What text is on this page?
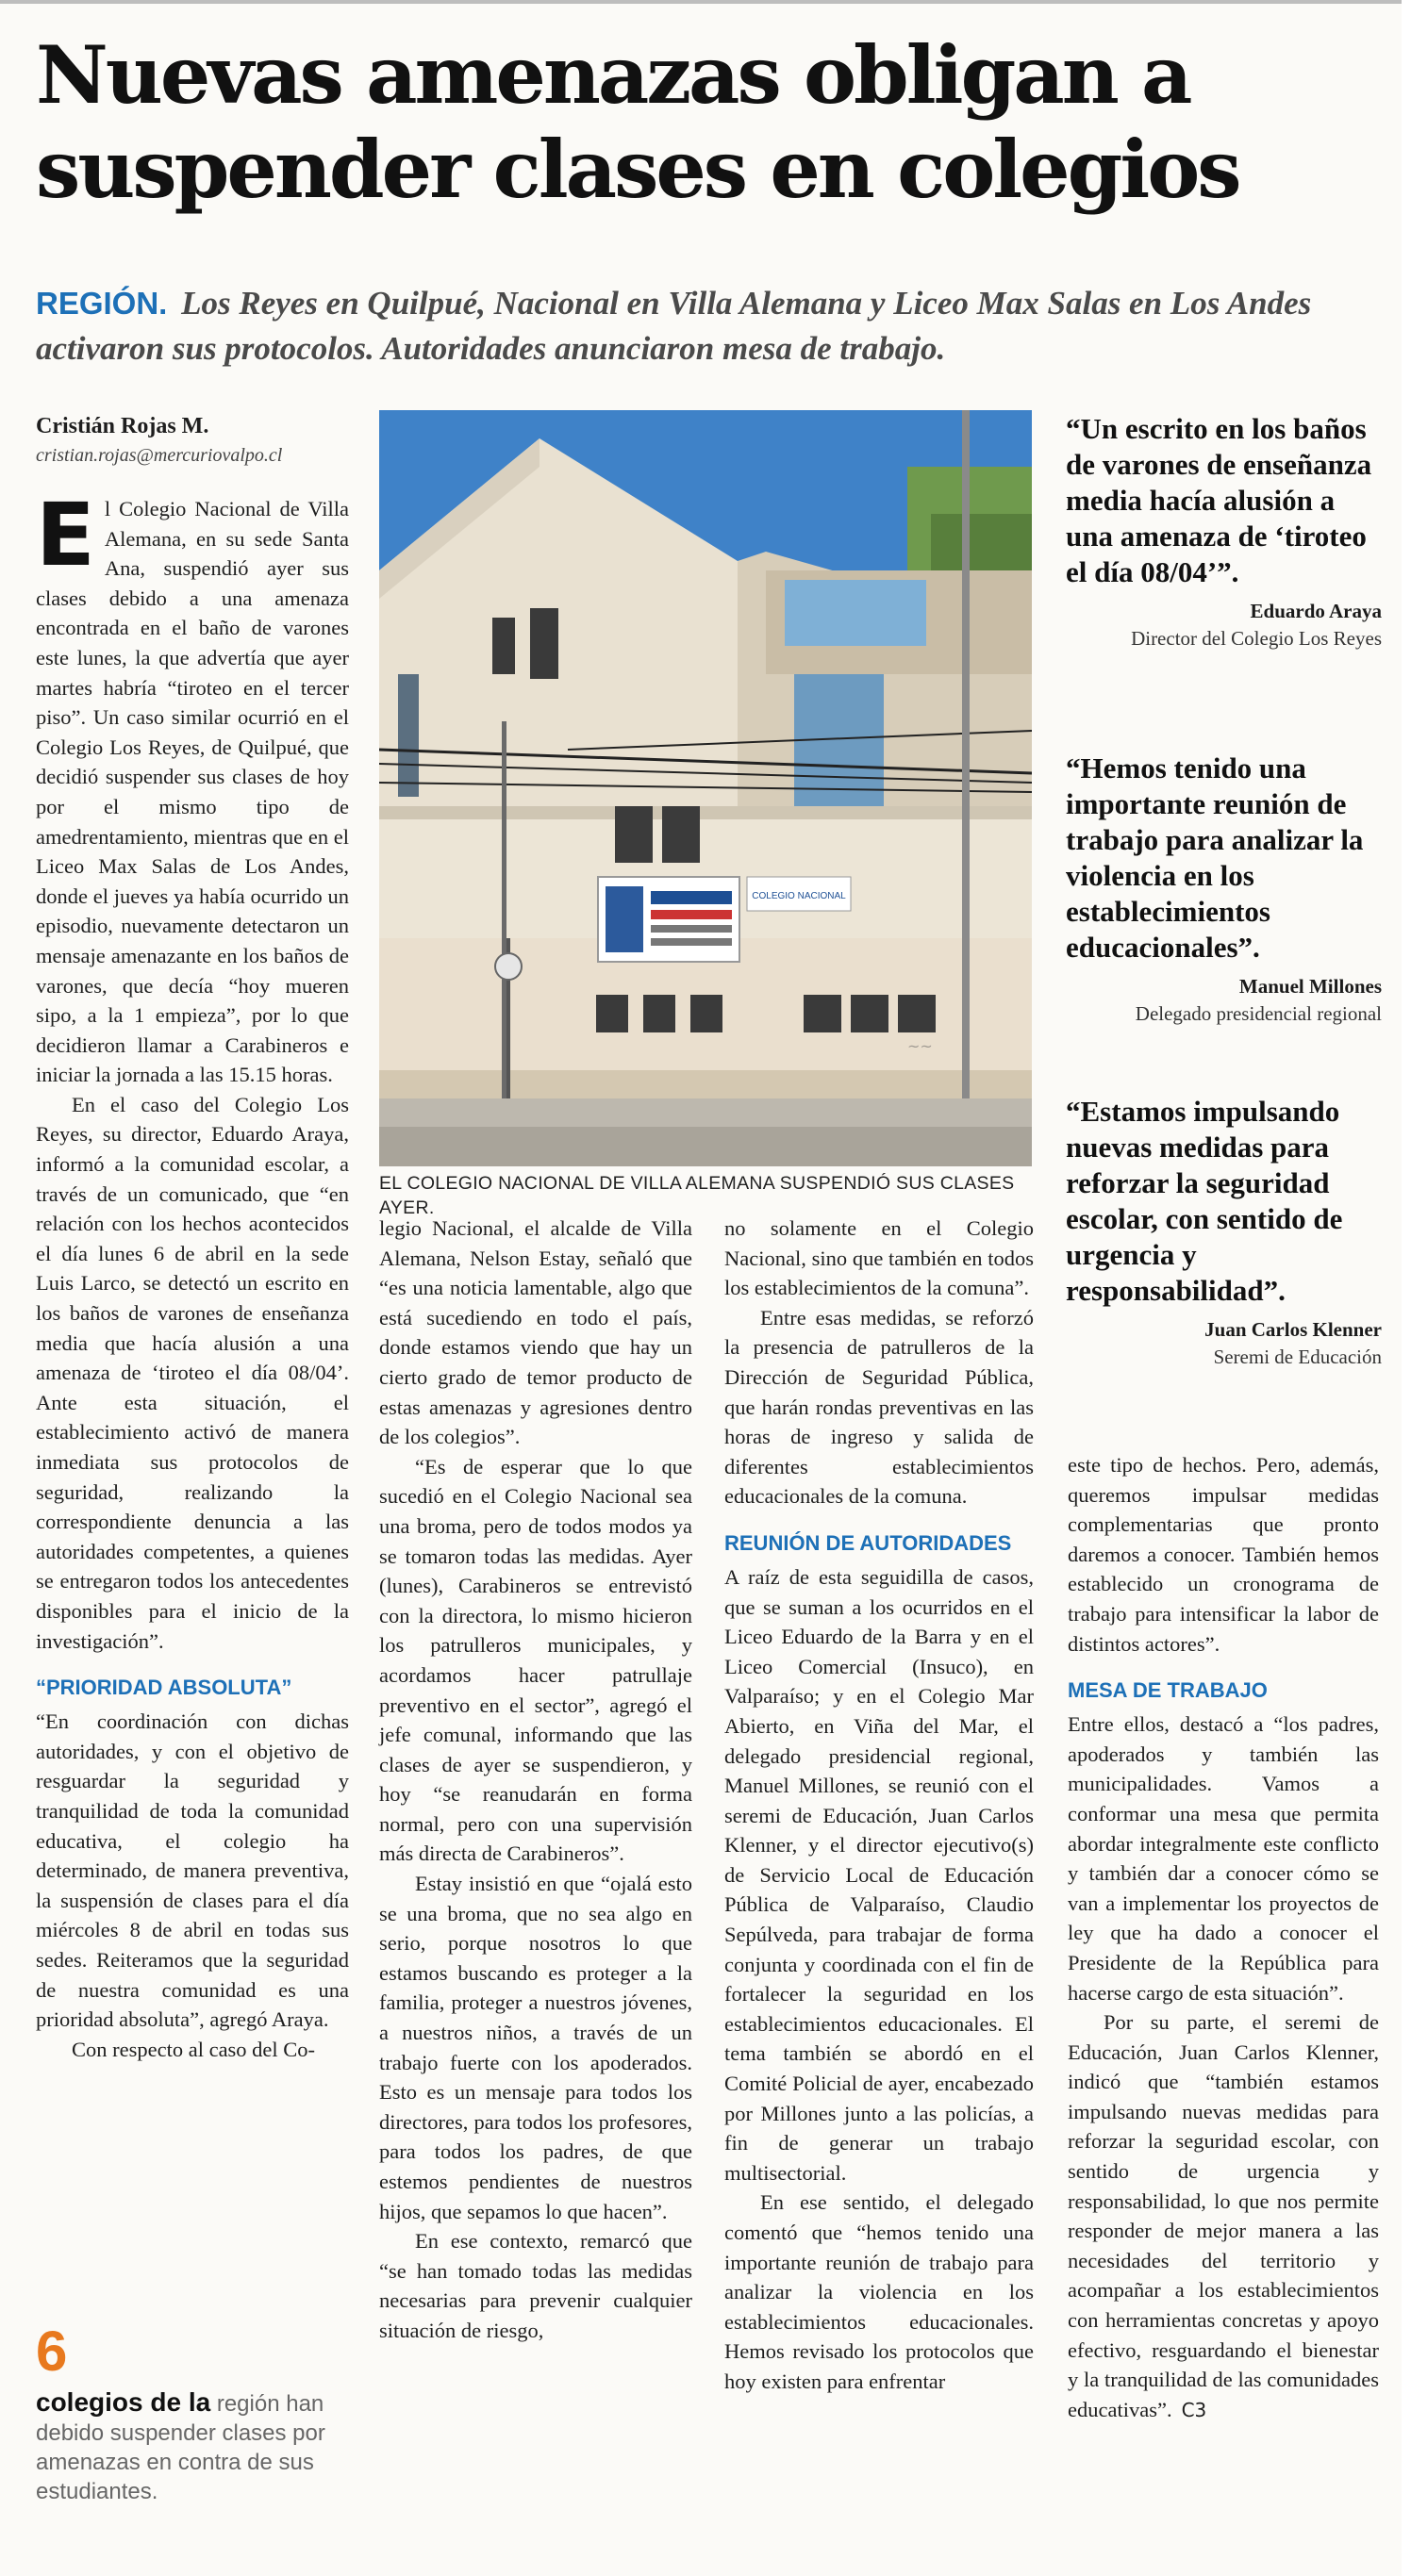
Nuevas amenazas obligan a suspender clases en colegios
REGIÓN. Los Reyes en Quilpué, Nacional en Villa Alemana y Liceo Max Salas en Los Andes activaron sus protocolos. Autoridades anunciaron mesa de trabajo.
Cristián Rojas M.
cristian.rojas@mercuriovalpo.cl

El Colegio Nacional de Villa Alemana, en su sede Santa Ana, suspendió ayer sus clases debido a una amenaza encontrada en el baño de varones este lunes, la que advertía que ayer martes habría “tiroteo en el tercer piso”. Un caso similar ocurrió en el Colegio Los Reyes, de Quilpué, que decidió suspender sus clases de hoy por el mismo tipo de amedrentamiento, mientras que en el Liceo Max Salas de Los Andes, donde el jueves ya había ocurrido un episodio, nuevamente detectaron un mensaje amenazante en los baños de varones, que decía “hoy mueren sipo, a la 1 empieza”, por lo que decidieron llamar a Carabineros e iniciar la jornada a las 15.15 horas.

En el caso del Colegio Los Reyes, su director, Eduardo Araya, informó a la comunidad escolar, a través de un comunicado, que “en relación con los hechos acontecidos el día lunes 6 de abril en la sede Luis Larco, se detectó un escrito en los baños de varones de enseñanza media que hacía alusión a una amenaza de ‘tiroteo el día 08/04’. Ante esta situación, el establecimiento activó de manera inmediata sus protocolos de seguridad, realizando la correspondiente denuncia a las autoridades competentes, a quienes se entregaron todos los antecedentes disponibles para el inicio de la investigación”.

“PRIORIDAD ABSOLUTA”

“En coordinación con dichas autoridades, y con el objetivo de resguardar la seguridad y tranquilidad de toda la comunidad educativa, el colegio ha determinado, de manera preventiva, la suspensión de clases para el día miércoles 8 de abril en todas sus sedes. Reiteramos que la seguridad de nuestra comunidad es una prioridad absoluta”, agregó Araya.

Con respecto al caso del Co-

6
colegios de la región han debido suspender clases por amenazas en contra de sus estudiantes.
COLEGIO NACIONAL
~~
EL COLEGIO NACIONAL DE VILLA ALEMANA SUSPENDIÓ SUS CLASES AYER.

legio Nacional, el alcalde de Villa Alemana, Nelson Estay, señaló que “es una noticia lamentable, algo que está sucediendo en todo el país, donde estamos viendo que hay un cierto grado de temor producto de estas amenazas y agresiones dentro de los colegios”.

“Es de esperar que lo que sucedió en el Colegio Nacional sea una broma, pero de todos modos ya se tomaron todas las medidas. Ayer (lunes), Carabineros se entrevistó con la directora, lo mismo hicieron los patrulleros municipales, y acordamos hacer patrullaje preventivo en el sector”, agregó el jefe comunal, informando que las clases de ayer se suspendieron, y hoy “se reanudarán en forma normal, pero con una supervisión más directa de Carabineros”.

Estay insistió en que “ojalá esto se una broma, que no sea algo en serio, porque nosotros lo que estamos buscando es proteger a la familia, proteger a nuestros jóvenes, a nuestros niños, a través de un trabajo fuerte con los apoderados. Esto es un mensaje para todos los directores, para todos los profesores, para todos los padres, de que estemos pendientes de nuestros hijos, que sepamos lo que hacen”.

En ese contexto, remarcó que “se han tomado todas las medidas necesarias para prevenir cualquier situación de riesgo,

no solamente en el Colegio Nacional, sino que también en todos los establecimientos de la comuna”.

Entre esas medidas, se reforzó la presencia de patrulleros de la Dirección de Seguridad Pública, que harán rondas preventivas en las horas de ingreso y salida de diferentes establecimientos educacionales de la comuna.

REUNIÓN DE AUTORIDADES

A raíz de esta seguidilla de casos, que se suman a los ocurridos en el Liceo Eduardo de la Barra y en el Liceo Comercial (Insuco), en Valparaíso; y en el Colegio Mar Abierto, en Viña del Mar, el delegado presidencial regional, Manuel Millones, se reunió con el seremi de Educación, Juan Carlos Klenner, y el director ejecutivo(s) de Servicio Local de Educación Pública de Valparaíso, Claudio Sepúlveda, para trabajar de forma conjunta y coordinada con el fin de fortalecer la seguridad en los establecimientos educacionales. El tema también se abordó en el Comité Policial de ayer, encabezado por Millones junto a las policías, a fin de generar un trabajo multisectorial.

En ese sentido, el delegado comentó que “hemos tenido una importante reunión de trabajo para analizar la violencia en los establecimientos educacionales. Hemos revisado los protocolos que hoy existen para enfrentar

“Un escrito en los baños de varones de enseñanza media hacía alusión a una amenaza de ‘tiroteo el día 08/04’”.
Eduardo Araya
Director del Colegio Los Reyes
“Hemos tenido una importante reunión de trabajo para analizar la violencia en los establecimientos educacionales”.
Manuel Millones
Delegado presidencial regional
“Estamos impulsando nuevas medidas para reforzar la seguridad escolar, con sentido de urgencia y responsabilidad”.
Juan Carlos Klenner
Seremi de Educación

este tipo de hechos. Pero, además, queremos impulsar medidas complementarias que pronto daremos a conocer. También hemos establecido un cronograma de trabajo para intensificar la labor de distintos actores”.

MESA DE TRABAJO

Entre ellos, destacó a “los padres, apoderados y también las municipalidades. Vamos a conformar una mesa que permita abordar integralmente este conflicto y también dar a conocer cómo se van a implementar los proyectos de ley que ha dado a conocer el Presidente de la República para hacerse cargo de esta situación”.

Por su parte, el seremi de Educación, Juan Carlos Klenner, indicó que “también estamos impulsando nuevas medidas para reforzar la seguridad escolar, con sentido de urgencia y responsabilidad, lo que nos permite responder de mejor manera a las necesidades del territorio y acompañar a los establecimientos con herramientas concretas y apoyo efectivo, resguardando el bienestar y la tranquilidad de las comunidades educativas”. C3
